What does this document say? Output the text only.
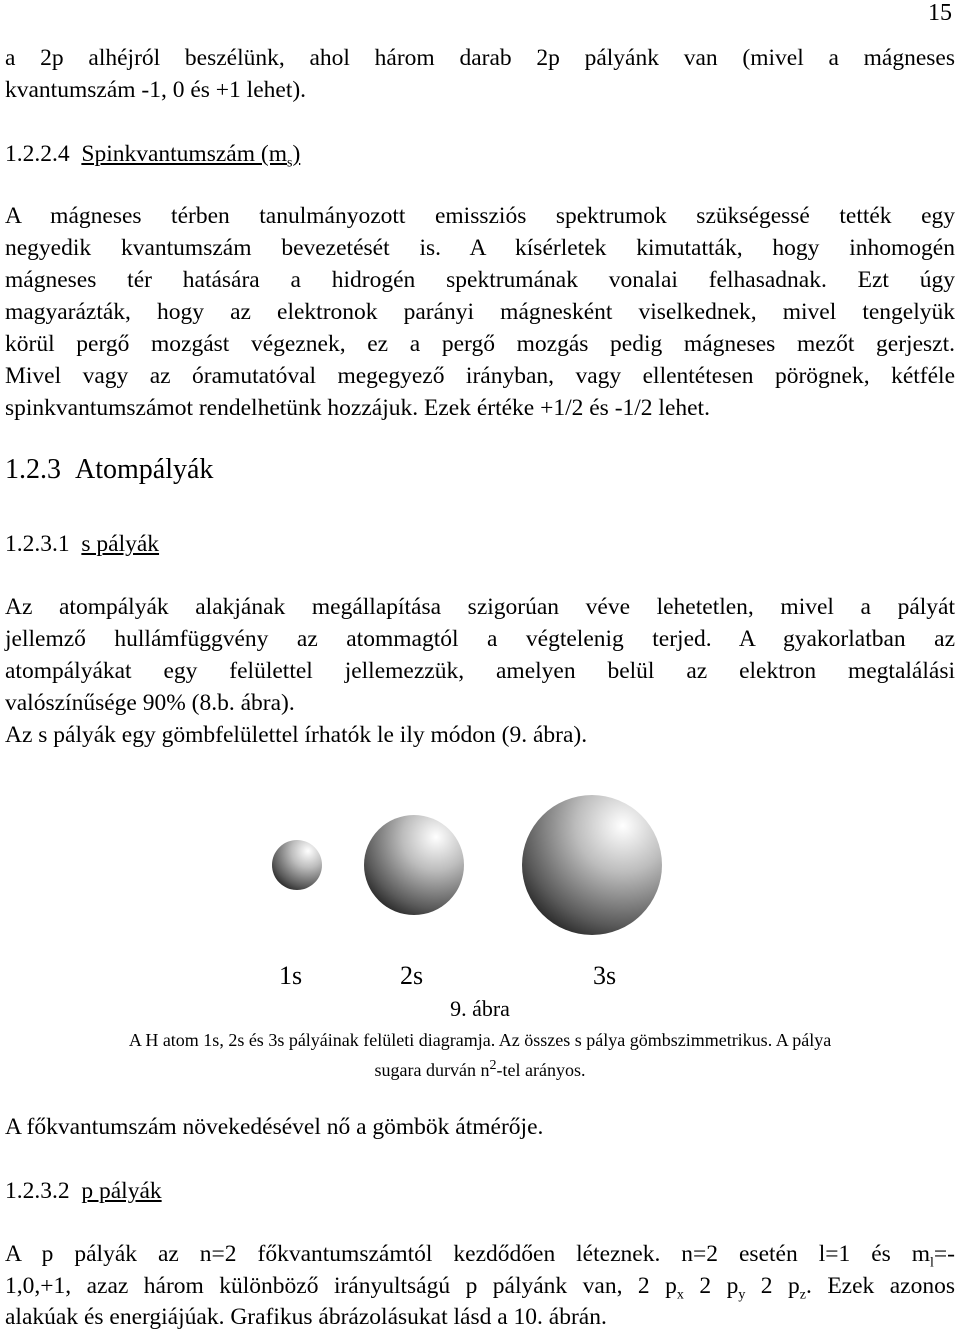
15
a 2p alhéjról beszélünk, ahol három darab 2p pályánk van (mivel a mágneses
kvantumszám -1, 0 és +1 lehet).
1.2.2.4 Spinkvantumszám $(m_s)$
A mágneses térben tanulmányozott emissziós spektrumok szükségessé tették egy
negyedik kvantumszám bevezetését is. A kísérletek kimutatták, hogy inhomogén
mágneses tér hatására a hidrogén spektrumának vonalai felhasadnak. Ezt úgy
magyarázták, hogy az elektronok parányi mágnesként viselkednek, mivel tengelyük
körül pergő mozgást végeznek, ez a pergő mozgás pedig mágneses mezőt gerjeszt.
Mivel vagy az óramutatóval megegyező irányban, vagy ellentétesen pörögnek, kétféle
spinkvantumszámot rendelhetünk hozzájuk. Ezek értéke +1/2 és -1/2 lehet.
1.2.3 Atompályák
1.2.3.1 s pályák
Az atompályák alakjának megállapítása szigorúan véve lehetetlen, mivel a pályát
jellemző hullámfüggvény az atommagtól a végtelenig terjed. A gyakorlatban az
atompályákat egy felülettel jellemezzük, amelyen belül az elektron megtalálási
valószínűsége 90% (8.b. ábra).
Az s pályák egy gömbfelülettel írhatók le ily módon (9. ábra).
1s	2s	3s
9. ábra
A H atom 1s, 2s és 3s pályáinak felületi diagramja. Az összes s pálya gömbszimmetrikus. A pálya
sugara durván $n^2$-tel arányos.
A főkvantumszám növekedésével nő a gömbök átmérője.
1.2.3.2 p pályák
A p pályák az n=2 főkvantumszámtól kezdődően léteznek. n=2 esetén l=1 és $m_l=-$
1,0,+1, azaz három különböző irányultságú p pályánk van, 2 $p_x$ 2 $p_y$ 2 $p_z$. Ezek azonos
alakúak és energiájúak. Grafikus ábrázolásukat lásd a 10. ábrán.
